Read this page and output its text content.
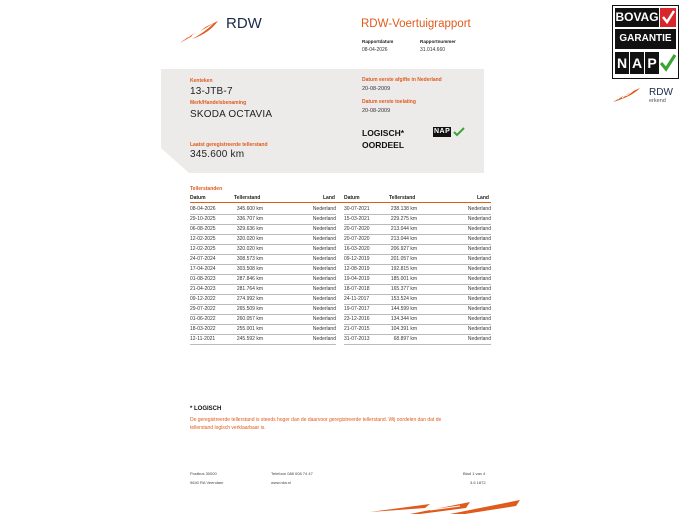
RDW	RDW-Voertuigrapport
Rapportdatum
08-04-2026
Rapportnummer
31.014.660
BOVAG
GARANTIE
N A P
RDW
erkend
Kenteken
13-JTB-7
Merk/Handelsbenaming
SKODA OCTAVIA
Laatst geregistreerde tellerstand
345.600 km
Datum eerste afgifte in Nederland
20-08-2009
Datum eerste toelating
20-08-2009
LOGISCH*
OORDEEL
NAP
Tellerstanden
Datum	Tellerstand	Land Datum	Tellerstand	Land
08-04-2026	345.600 km	Nederland
29-10-2025	336.707 km	Nederland
06-08-2025	329.636 km	Nederland
12-02-2025	320.020 km	Nederland
12-02-2025	320.020 km	Nederland
24-07-2024	308.573 km	Nederland
17-04-2024	303.508 km	Nederland
01-08-2023	287.846 km	Nederland
21-04-2023	281.764 km	Nederland
09-12-2022	274.992 km	Nederland
29-07-2022	265.509 km	Nederland
01-06-2022	260.057 km	Nederland
18-03-2022	255.001 km	Nederland
12-11-2021	245.592 km	Nederland
30-07-2021	238.138 km	Nederland
15-03-2021	229.275 km	Nederland
20-07-2020	213.044 km	Nederland
20-07-2020	213.044 km	Nederland
16-03-2020	206.927 km	Nederland
09-12-2019	201.057 km	Nederland
12-08-2019	192.815 km	Nederland
19-04-2019	185.001 km	Nederland
18-07-2018	165.377 km	Nederland
24-11-2017	153.524 km	Nederland
19-07-2017	144.599 km	Nederland
23-12-2016	134.344 km	Nederland
21-07-2015	104.391 km	Nederland
31-07-2013	68.897 km	Nederland
* LOGISCH
De geregistreerde tellerstand is steeds hoger dan de daarvoor geregistreerde tellerstand. Wij oordelen dan dat de
tellerstand logisch verklaarbaar is.
Postbus 30000
9640 RA Veendam
Telefoon 088 008 74 47
www.rdw.nl
Blad 1 van 4
3.6 1872
